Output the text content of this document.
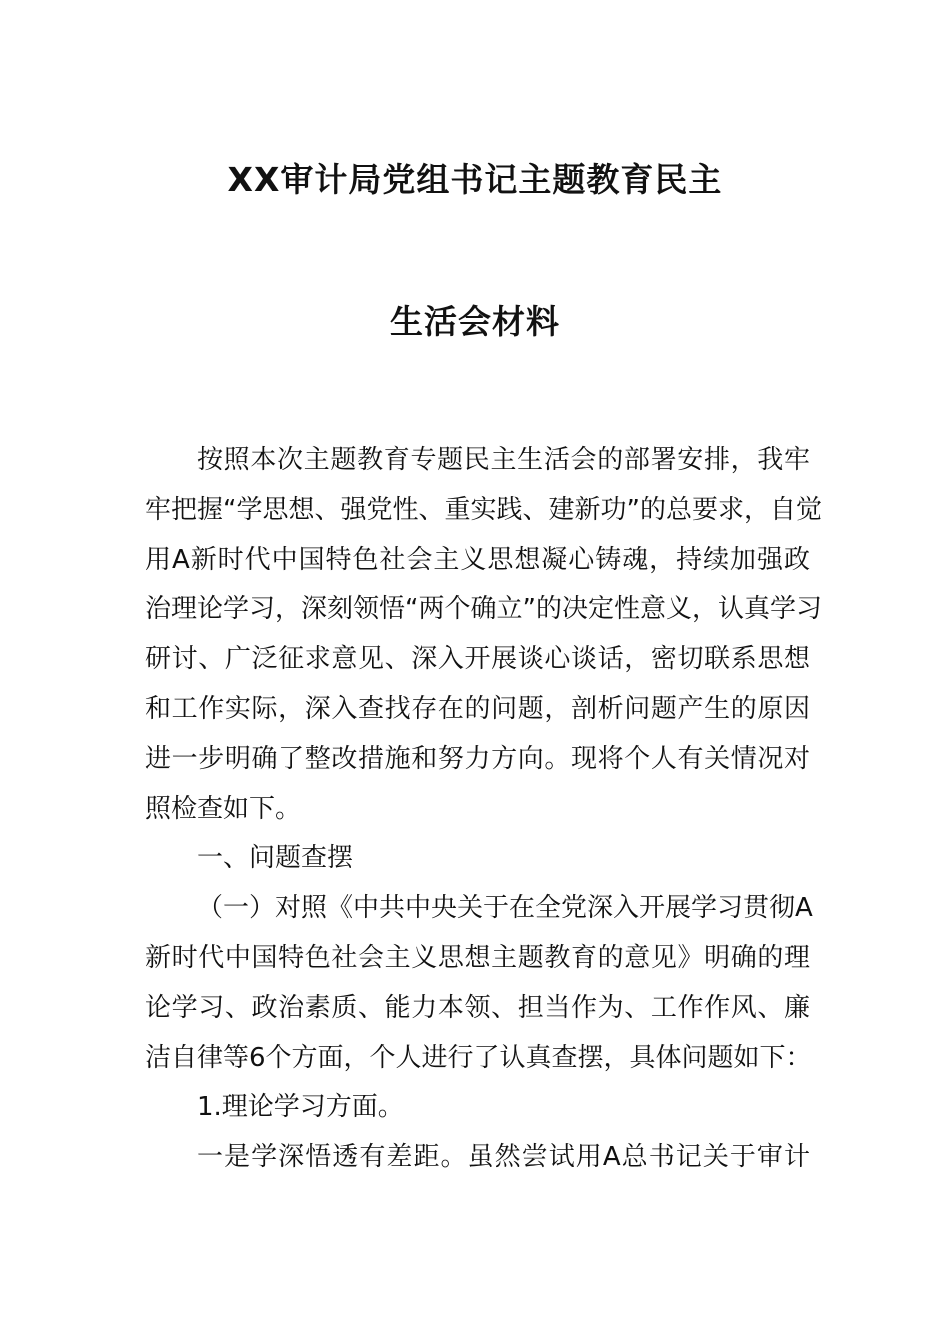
XX审计局党组书记主题教育民主
生活会材料

按照本次主题教育专题民主生活会的部署安排，我牢
牢把握“学思想、强党性、重实践、建新功”的总要求，自觉
用A新时代中国特色社会主义思想凝心铸魂，持续加强政
治理论学习，深刻领悟“两个确立”的决定性意义，认真学习
研讨、广泛征求意见、深入开展谈心谈话，密切联系思想
和工作实际，深入查找存在的问题，剖析问题产生的原因
进一步明确了整改措施和努力方向。现将个人有关情况对
照检查如下。

一、问题查摆

（一）对照《中共中央关于在全党深入开展学习贯彻A
新时代中国特色社会主义思想主题教育的意见》明确的理
论学习、政治素质、能力本领、担当作为、工作作风、廉
洁自律等6个方面，个人进行了认真查摆，具体问题如下：

1.理论学习方面。

一是学深悟透有差距。虽然尝试用A总书记关于审计
